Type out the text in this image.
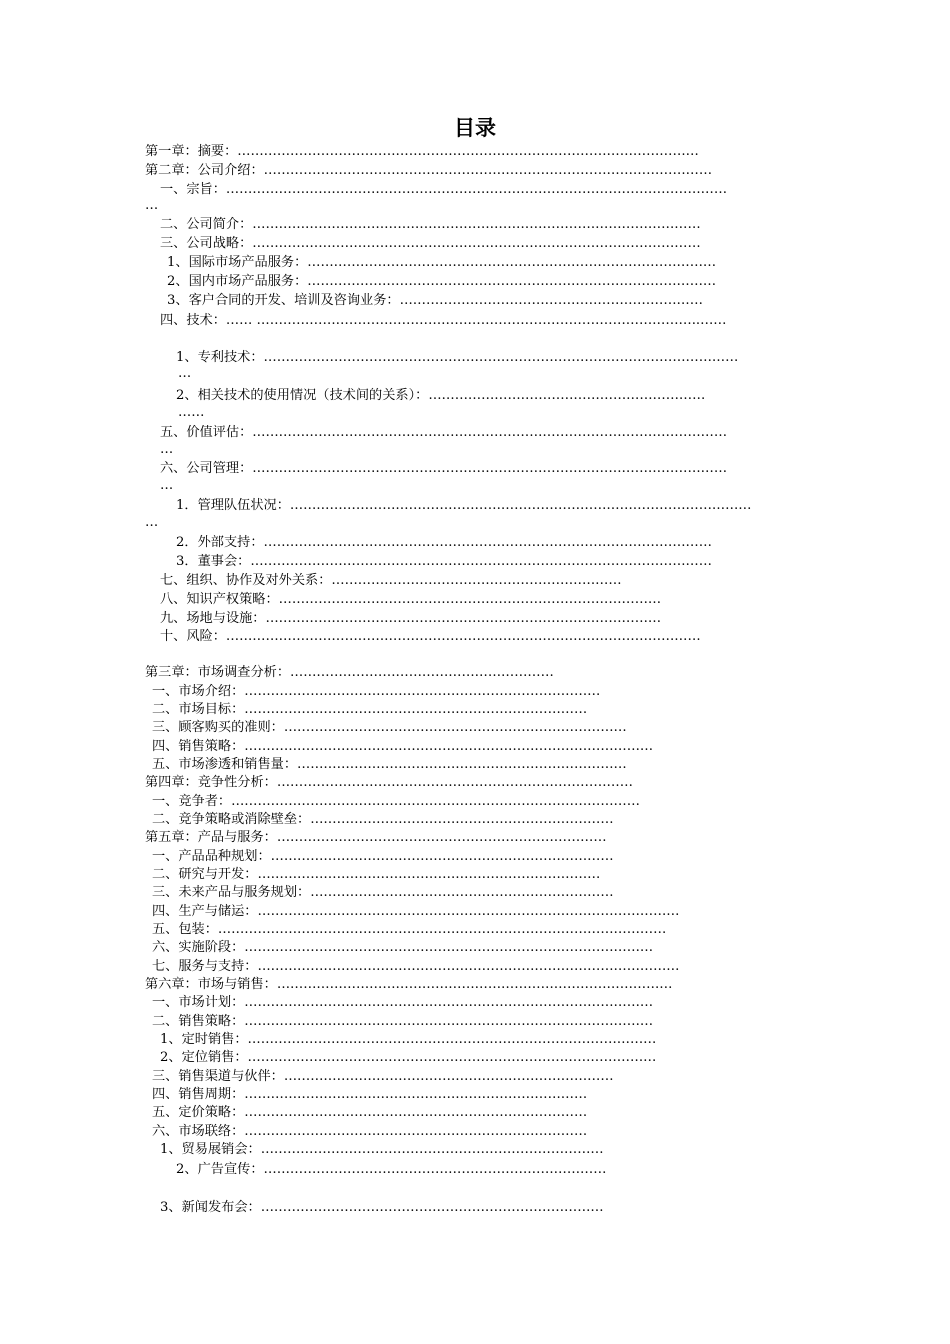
目录
第一章：摘要：……………………………………………………………………………………………
第二章：公司介绍：…………………………………………………………………………………………
一、宗旨：……………………………………………………………………………………………………
…
二、公司简介：…………………………………………………………………………………………
三、公司战略：…………………………………………………………………………………………
1、国际市场产品服务：…………………………………………………………………………………
2、国内市场产品服务：…………………………………………………………………………………
3、客户合同的开发、培训及咨询业务：……………………………………………………………
四、技术：…… ………………………………………………………………………………………..……
1、专利技术：………………………………………………………………………………………………
…
2、相关技术的使用情况（技术间的关系）：………………………………………………………
……
五、价值评估：………………………………………………………………………………………………
…
六、公司管理：………………………………………………………………………………………………
…
1．管理队伍状况：……………………………………………………………………………………………
…
2．外部支持：…………………………………………………………………………………………
3．董事会：……………………………………………………………………………………………
七、组织、协作及对外关系：…………………………………………………………
八、知识产权策略：……………………………………………………………………………
九、场地与设施：………………………………………………………………………………
十、风险：………………………………………………………………………………………………
第三章：市场调查分析：……………………………………………………
一、市场介绍：………………………………………………………………………
二、市场目标：……………………………………………………………………
三、顾客购买的准则：……………………………………………………………………
四、销售策略：…………………………………………………………………………………
五、市场渗透和销售量：…………………………………………………………………
第四章：竞争性分析：………………………………………………………………………
一、竞争者：…………………………………………………………………………………
二、竞争策略或消除壁垒：……………………………………………………………
第五章：产品与服务：…………………………………………………………………
一、产品品种规划：……………………………………………………………………
二、研究与开发：……………………………………………………………………
三、未来产品与服务规划：……………………………………………………………
四、生产与储运：……………………………………………………………………………………
五、包装：…………………………………………………………………………………………
六、实施阶段：…………………………………………………………………………………
七、服务与支持：……………………………………………………………………………………
第六章：市场与销售：………………………………………………………………………………
一、市场计划：…………………………………………………………………………………
二、销售策略：…………………………………………………………………………………
1、定时销售：…………………………………………………………………………………
2、定位销售：…………………………………………………………………………………
三、销售渠道与伙伴：…………………………………………………………………
四、销售周期：……………………………………………………………………
五、定价策略：……………………………………………………………………
六、市场联络：……………………………………………………………………
1、贸易展销会：……………………………………………………………………
2、广告宣传：……………………………………………………………………
3、新闻发布会：……………………………………………………………………
